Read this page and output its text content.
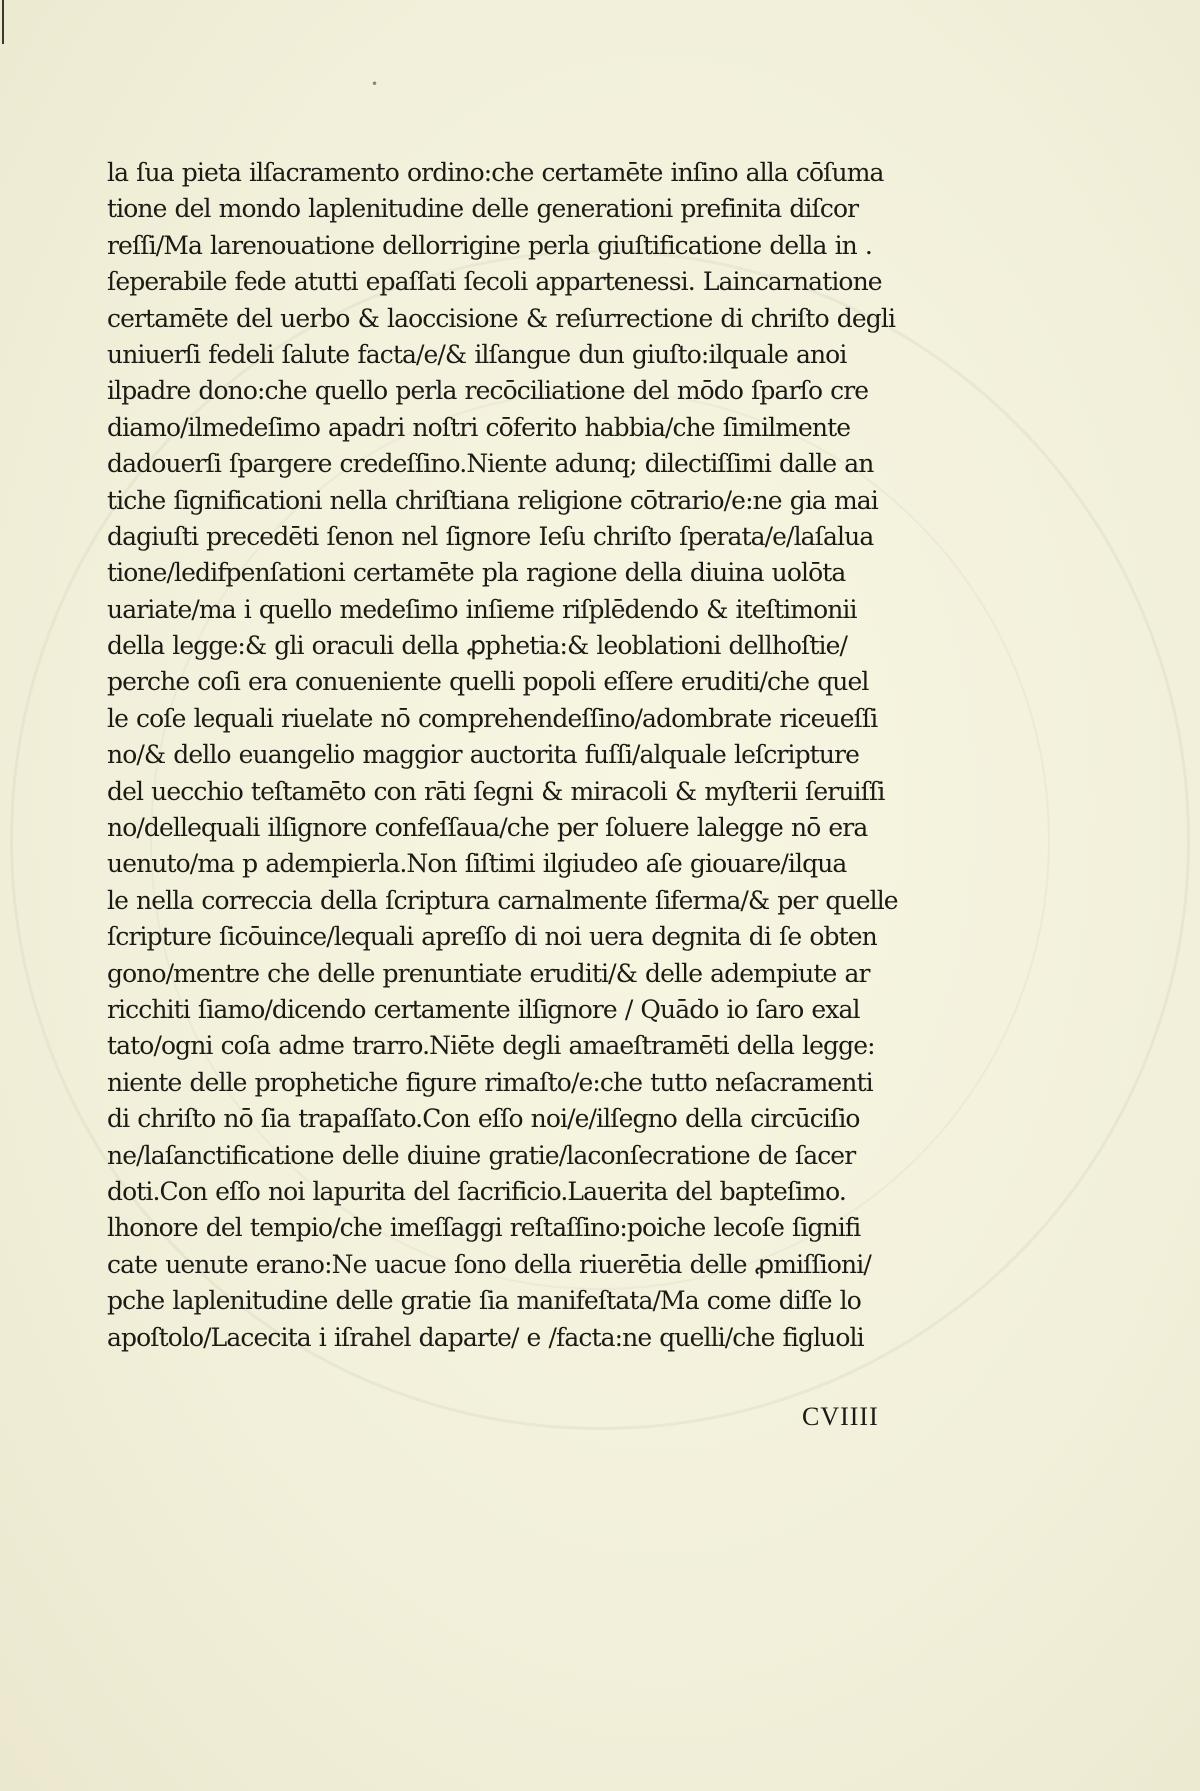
•
la ſua pieta ilſacramento ordino:che certamēte inſino alla cōſuma
tione del mondo laplenitudine delle generationi prefinita diſcor
reſſi/Ma larenouatione dellorrigine perla giuſtificatione della in .
ſeperabile fede atutti epaſſati ſecoli appartenessi. Laincarnatione
certamēte del uerbo & laoccisione & reſurrectione di chriſto degli
uniuerſi fedeli ſalute facta/e/& ilſangue dun giuſto:ilquale anoi
ilpadre dono:che quello perla recōciliatione del mōdo ſparſo cre
diamo/ilmedeſimo apadri noſtri cōferito habbia/che ſimilmente
dadouerſi ſpargere credeſſino.Niente adunq; dilectiſſimi dalle an
tiche ſignificationi nella chriſtiana religione cōtrario/e:ne gia mai
dagiuſti precedēti ſenon nel ſignore Ieſu chriſto ſperata/e/laſalua
tione/ledifpenſationi certamēte pla ragione della diuina uolōta
uariate/ma i quello medeſimo inſieme riſplēdendo & iteſtimonii
della legge:& gli oraculi della ꝓphetia:& leoblationi dellhoſtie/
perche coſi era conueniente quelli popoli eſſere eruditi/che quel
le coſe lequali riuelate nō comprehendeſſino/adombrate riceueſſi
no/& dello euangelio maggior auctorita fuſſi/alquale leſcripture
del uecchio teſtamēto con rāti ſegni & miracoli & myſterii ſeruiſſi
no/dellequali ilſignore confeſſaua/che per ſoluere lalegge nō era
uenuto/ma p adempierla.Non ſiſtimi ilgiudeo aſe giouare/ilqua
le nella correccia della ſcriptura carnalmente ſiferma/& per quelle
ſcripture ſicōuince/lequali apreſſo di noi uera degnita di ſe obten
gono/mentre che delle prenuntiate eruditi/& delle adempiute ar
ricchiti ſiamo/dicendo certamente ilſignore / Quādo io ſaro exal
tato/ogni coſa adme trarro.Niēte degli amaeſtramēti della legge:
niente delle prophetiche figure rimaſto/e:che tutto neſacramenti
di chriſto nō ſia trapaſſato.Con eſſo noi/e/ilſegno della circūciſio
ne/laſanctificatione delle diuine gratie/laconſecratione de ſacer
doti.Con eſſo noi lapurita del ſacrificio.Lauerita del bapteſimo.
lhonore del tempio/che imeſſaggi reſtaſſino:poiche lecoſe ſignifi
cate uenute erano:Ne uacue ſono della riuerētia delle ꝓmiſſioni/
pche laplenitudine delle gratie ſia manifeſtata/Ma come diſſe lo
apoſtolo/Lacecita i iſrahel daparte/ e /facta:ne quelli/che figluoli
CVIIII
